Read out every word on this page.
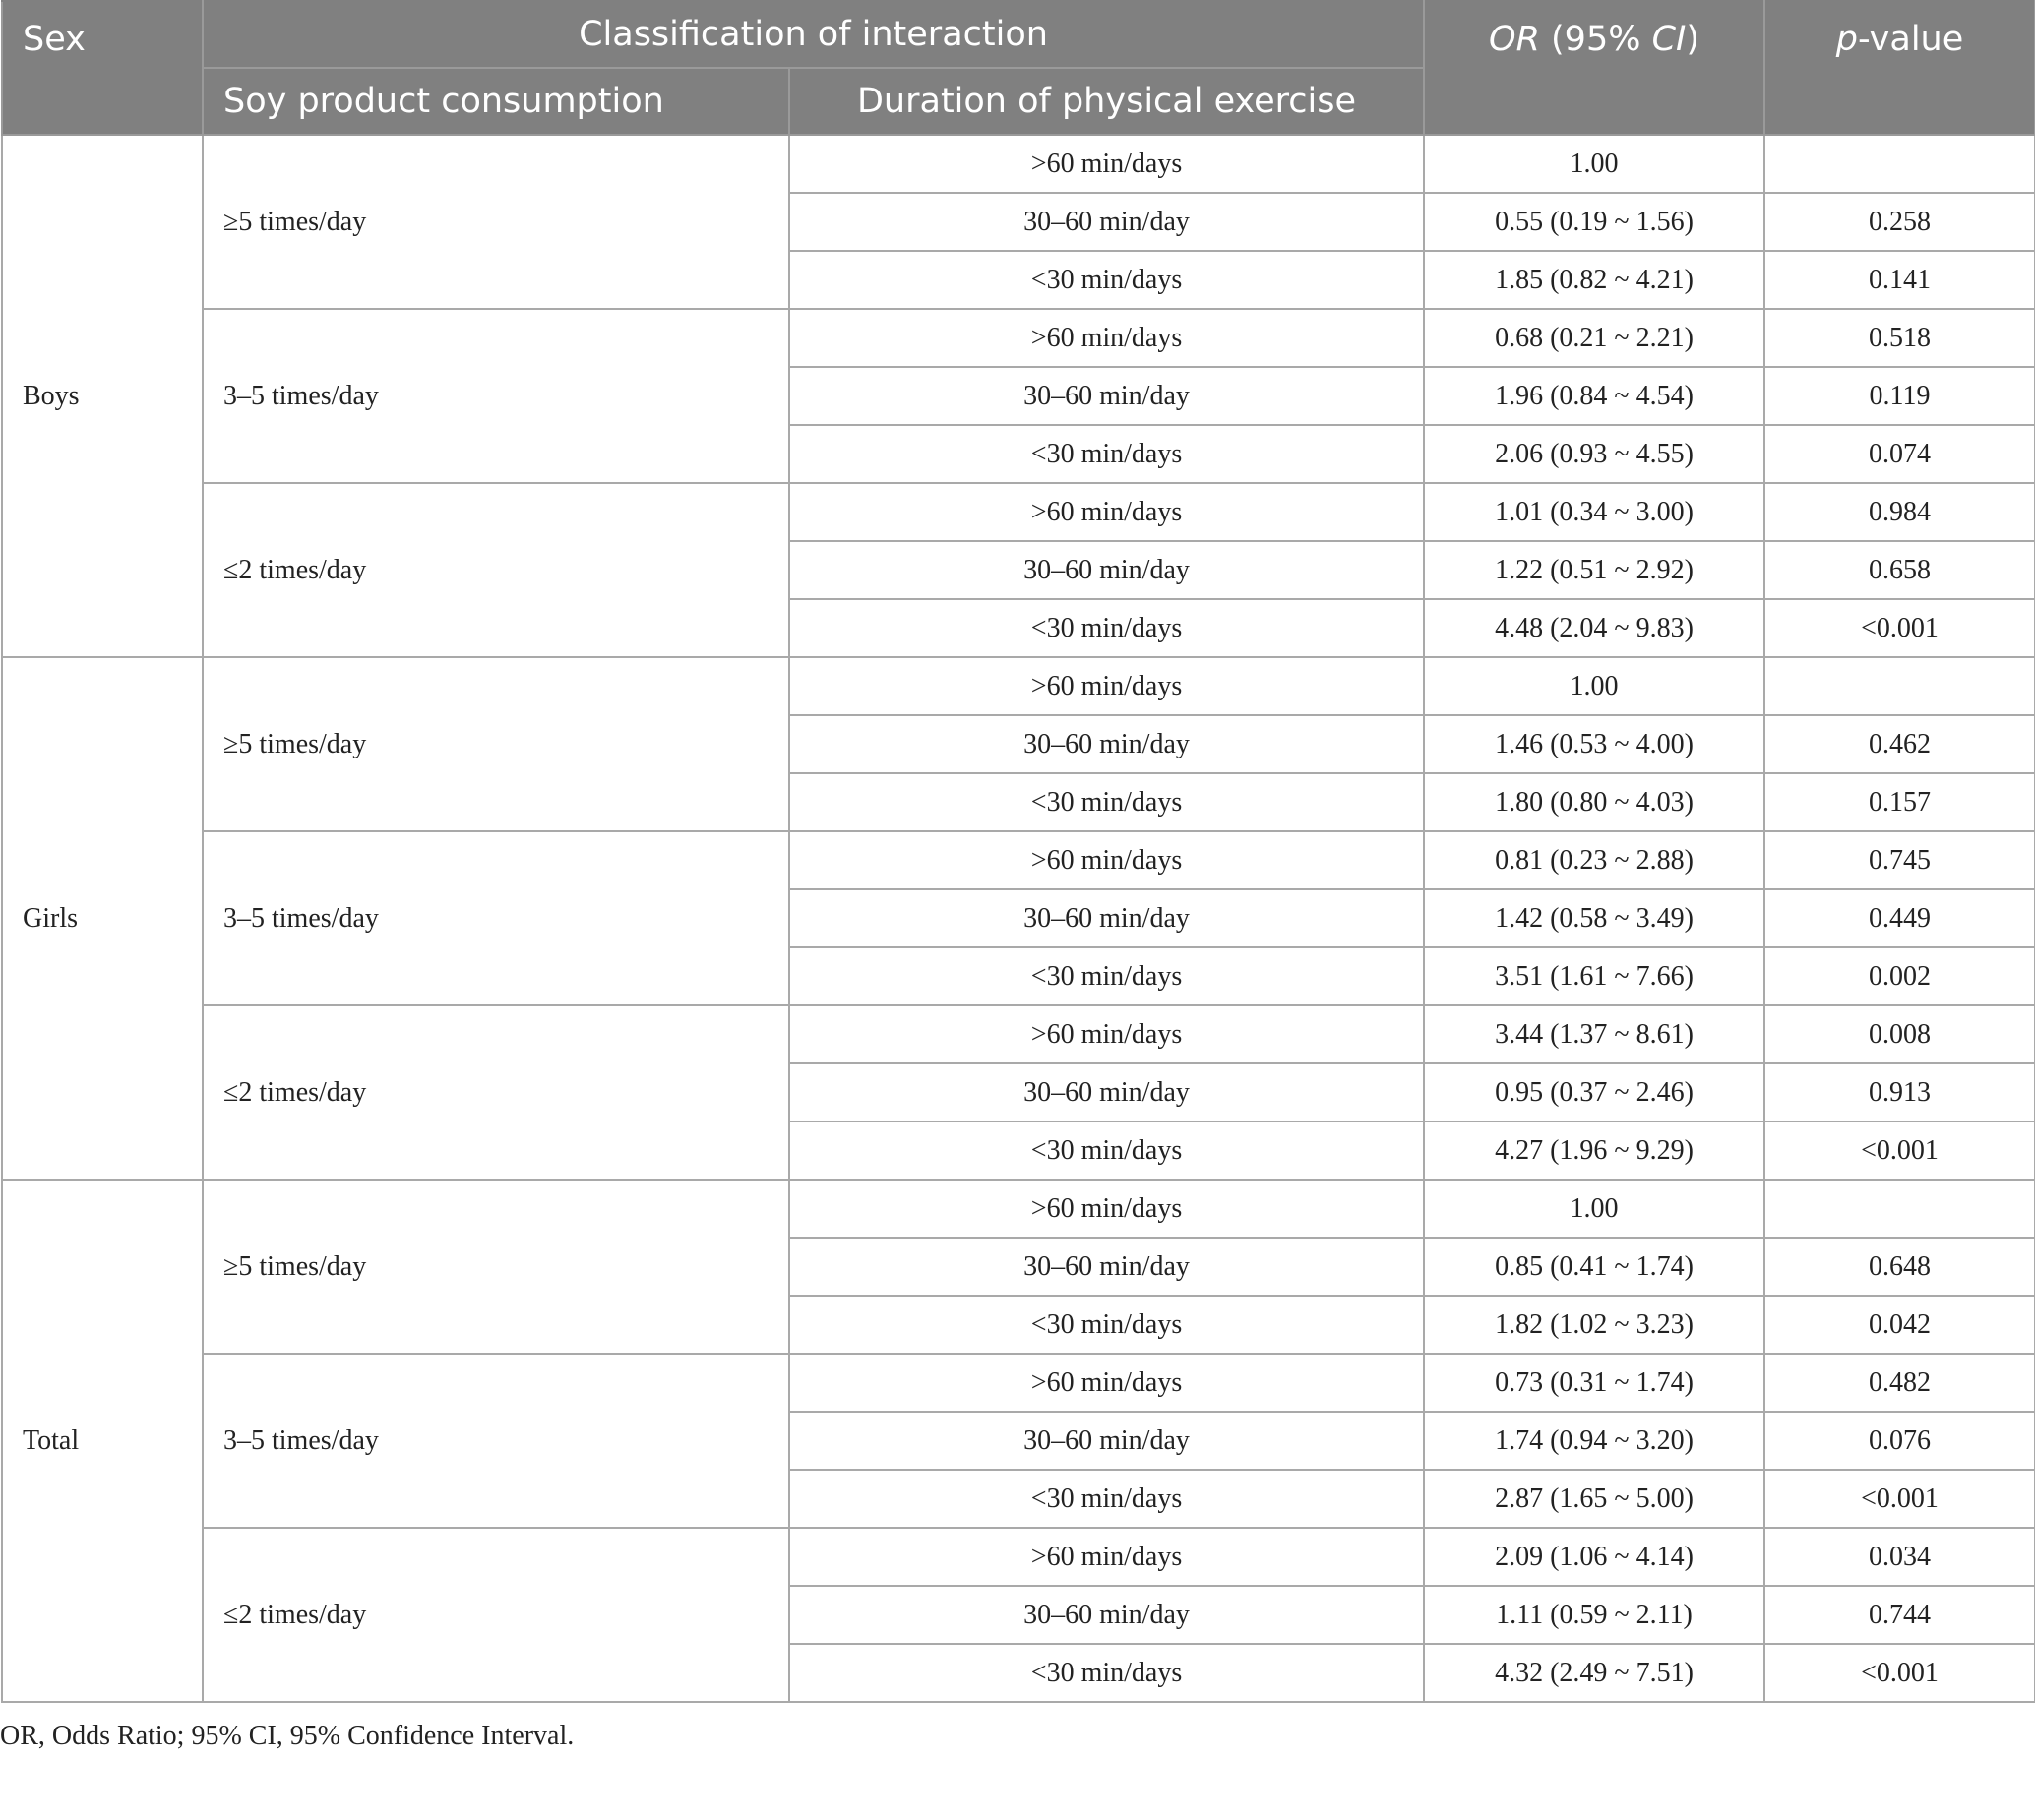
Sex	Classification of interaction		OR (95% CI)	p-value
	Soy product consumption	Duration of physical exercise		
Boys	≥5 times/day	>60 min/days	1.00	
		30–60 min/day	0.55 (0.19 ~ 1.56)	0.258
		<30 min/days	1.85 (0.82 ~ 4.21)	0.141
	3–5 times/day	>60 min/days	0.68 (0.21 ~ 2.21)	0.518
		30–60 min/day	1.96 (0.84 ~ 4.54)	0.119
		<30 min/days	2.06 (0.93 ~ 4.55)	0.074
	≤2 times/day	>60 min/days	1.01 (0.34 ~ 3.00)	0.984
		30–60 min/day	1.22 (0.51 ~ 2.92)	0.658
		<30 min/days	4.48 (2.04 ~ 9.83)	<0.001
Girls	≥5 times/day	>60 min/days	1.00	
		30–60 min/day	1.46 (0.53 ~ 4.00)	0.462
		<30 min/days	1.80 (0.80 ~ 4.03)	0.157
	3–5 times/day	>60 min/days	0.81 (0.23 ~ 2.88)	0.745
		30–60 min/day	1.42 (0.58 ~ 3.49)	0.449
		<30 min/days	3.51 (1.61 ~ 7.66)	0.002
	≤2 times/day	>60 min/days	3.44 (1.37 ~ 8.61)	0.008
		30–60 min/day	0.95 (0.37 ~ 2.46)	0.913
		<30 min/days	4.27 (1.96 ~ 9.29)	<0.001
Total	≥5 times/day	>60 min/days	1.00	
		30–60 min/day	0.85 (0.41 ~ 1.74)	0.648
		<30 min/days	1.82 (1.02 ~ 3.23)	0.042
	3–5 times/day	>60 min/days	0.73 (0.31 ~ 1.74)	0.482
		30–60 min/day	1.74 (0.94 ~ 3.20)	0.076
		<30 min/days	2.87 (1.65 ~ 5.00)	<0.001
	≤2 times/day	>60 min/days	2.09 (1.06 ~ 4.14)	0.034
		30–60 min/day	1.11 (0.59 ~ 2.11)	0.744
		<30 min/days	4.32 (2.49 ~ 7.51)	<0.001
OR, Odds Ratio; 95% CI, 95% Confidence Interval.
